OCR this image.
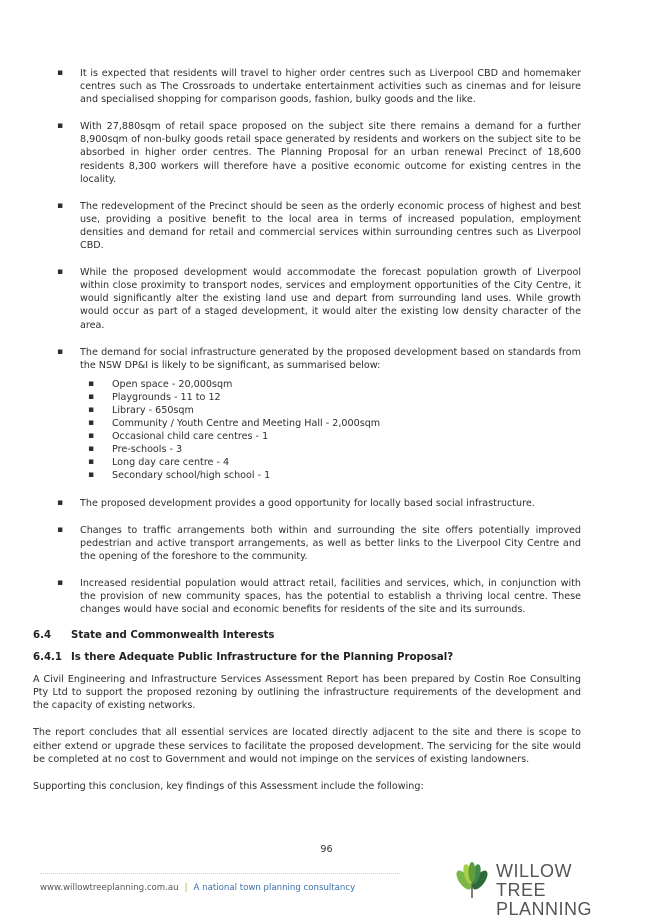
▪ It is expected that residents will travel to higher order centres such as Liverpool CBD and homemaker centres such as The Crossroads to undertake entertainment activities such as cinemas and for leisure and specialised shopping for comparison goods, fashion, bulky goods and the like.
▪ With 27,880sqm of retail space proposed on the subject site there remains a demand for a further 8,900sqm of non-bulky goods retail space generated by residents and workers on the subject site to be absorbed in higher order centres. The Planning Proposal for an urban renewal Precinct of 18,600 residents 8,300 workers will therefore have a positive economic outcome for existing centres in the locality.
▪ The redevelopment of the Precinct should be seen as the orderly economic process of highest and best use, providing a positive benefit to the local area in terms of increased population, employment densities and demand for retail and commercial services within surrounding centres such as Liverpool CBD.
▪ While the proposed development would accommodate the forecast population growth of Liverpool within close proximity to transport nodes, services and employment opportunities of the City Centre, it would significantly alter the existing land use and depart from surrounding land uses. While growth would occur as part of a staged development, it would alter the existing low density character of the area.
▪ The demand for social infrastructure generated by the proposed development based on standards from the NSW DP&I is likely to be significant, as summarised below:
▪ Open space - 20,000sqm
▪ Playgrounds - 11 to 12
▪ Library - 650sqm
▪ Community / Youth Centre and Meeting Hall - 2,000sqm
▪ Occasional child care centres - 1
▪ Pre-schools - 3
▪ Long day care centre - 4
▪ Secondary school/high school - 1
▪ The proposed development provides a good opportunity for locally based social infrastructure.
▪ Changes to traffic arrangements both within and surrounding the site offers potentially improved pedestrian and active transport arrangements, as well as better links to the Liverpool City Centre and the opening of the foreshore to the community.
▪ Increased residential population would attract retail, facilities and services, which, in conjunction with the provision of new community spaces, has the potential to establish a thriving local centre. These changes would have social and economic benefits for residents of the site and its surrounds.
6.4	State and Commonwealth Interests
6.4.1 Is there Adequate Public Infrastructure for the Planning Proposal?

A Civil Engineering and Infrastructure Services Assessment Report has been prepared by Costin Roe Consulting Pty Ltd to support the proposed rezoning by outlining the infrastructure requirements of the development and the capacity of existing networks.

The report concludes that all essential services are located directly adjacent to the site and there is scope to either extend or upgrade these services to facilitate the proposed development. The servicing for the site would be completed at no cost to Government and would not impinge on the services of existing landowners.

Supporting this conclusion, key findings of this Assessment include the following:

96
www.willowtreeplanning.com.au | A national town planning consultancy
WILLOW TREE
PLANNING
